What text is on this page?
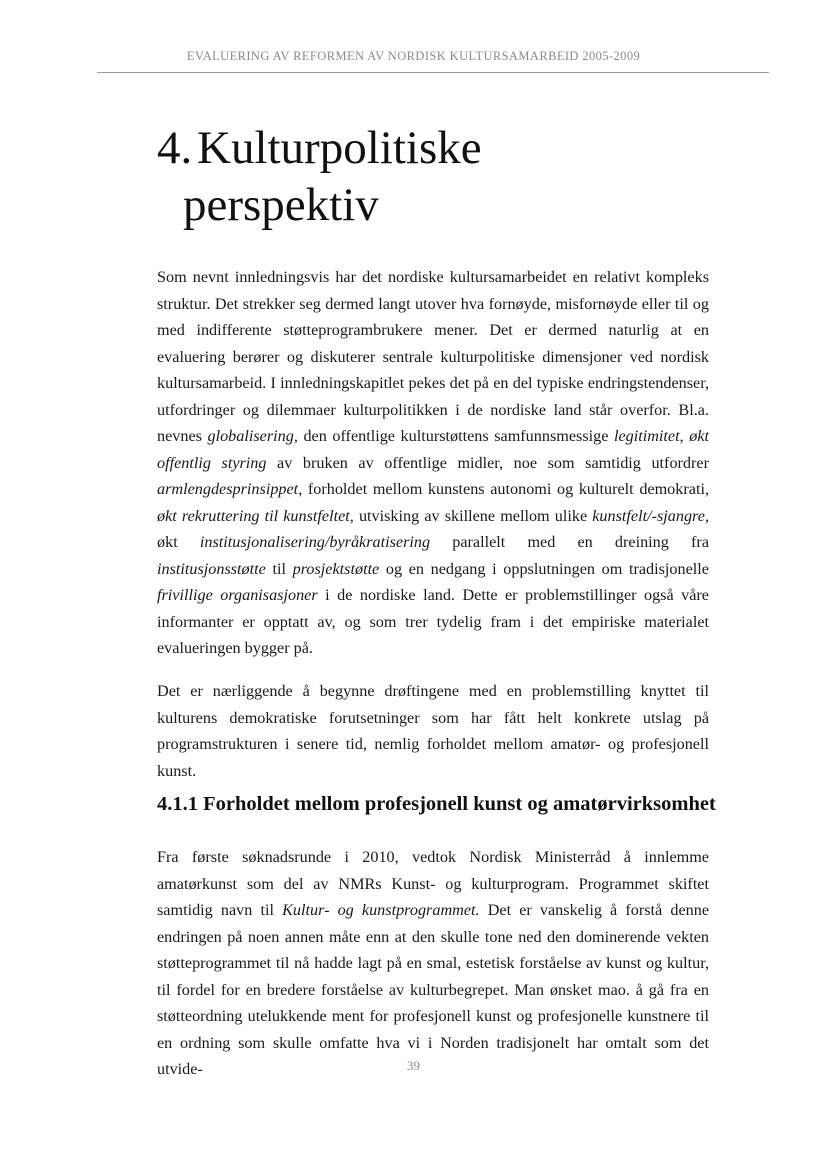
EVALUERING AV REFORMEN AV NORDISK KULTURSAMARBEID 2005-2009
4. Kulturpolitiske
perspektiv

Som nevnt innledningsvis har det nordiske kultursamarbeidet en relativt kompleks struktur. Det strekker seg dermed langt utover hva fornøyde, misfornøyde eller til og med indifferente støtteprogrambrukere mener. Det er dermed naturlig at en evaluering berører og diskuterer sentrale kulturpolitiske dimensjoner ved nordisk kultursamarbeid. I innledningskapitlet pekes det på en del typiske endringstendenser, utfordringer og dilemmaer kulturpolitikken i de nordiske land står overfor. Bl.a. nevnes globalisering, den offentlige kulturstøttens samfunnsmessige legitimitet, økt offentlig styring av bruken av offentlige midler, noe som samtidig utfordrer armlengdesprinsippet, forholdet mellom kunstens autonomi og kulturelt demokrati, økt rekruttering til kunstfeltet, utvisking av skillene mellom ulike kunstfelt/-sjangre, økt institusjonalisering/byråkratisering parallelt med en dreining fra institusjonsstøtte til prosjektstøtte og en nedgang i oppslutningen om tradisjonelle frivillige organisasjoner i de nordiske land. Dette er problemstillinger også våre informanter er opptatt av, og som trer tydelig fram i det empiriske materialet evalueringen bygger på.

Det er nærliggende å begynne drøftingene med en problemstilling knyttet til kulturens demokratiske forutsetninger som har fått helt konkrete utslag på programstrukturen i senere tid, nemlig forholdet mellom amatør- og profesjonell kunst.

4.1.1 Forholdet mellom profesjonell kunst og amatørvirksomhet

Fra første søknadsrunde i 2010, vedtok Nordisk Ministerråd å innlemme amatørkunst som del av NMRs Kunst- og kulturprogram. Programmet skiftet samtidig navn til Kultur- og kunstprogrammet. Det er vanskelig å forstå denne endringen på noen annen måte enn at den skulle tone ned den dominerende vekten støtteprogrammet til nå hadde lagt på en smal, estetisk forståelse av kunst og kultur, til fordel for en bredere forståelse av kulturbegrepet. Man ønsket mao. å gå fra en støtteordning utelukkende ment for profesjonell kunst og profesjonelle kunstnere til en ordning som skulle omfatte hva vi i Norden tradisjonelt har omtalt som det utvide-	39
